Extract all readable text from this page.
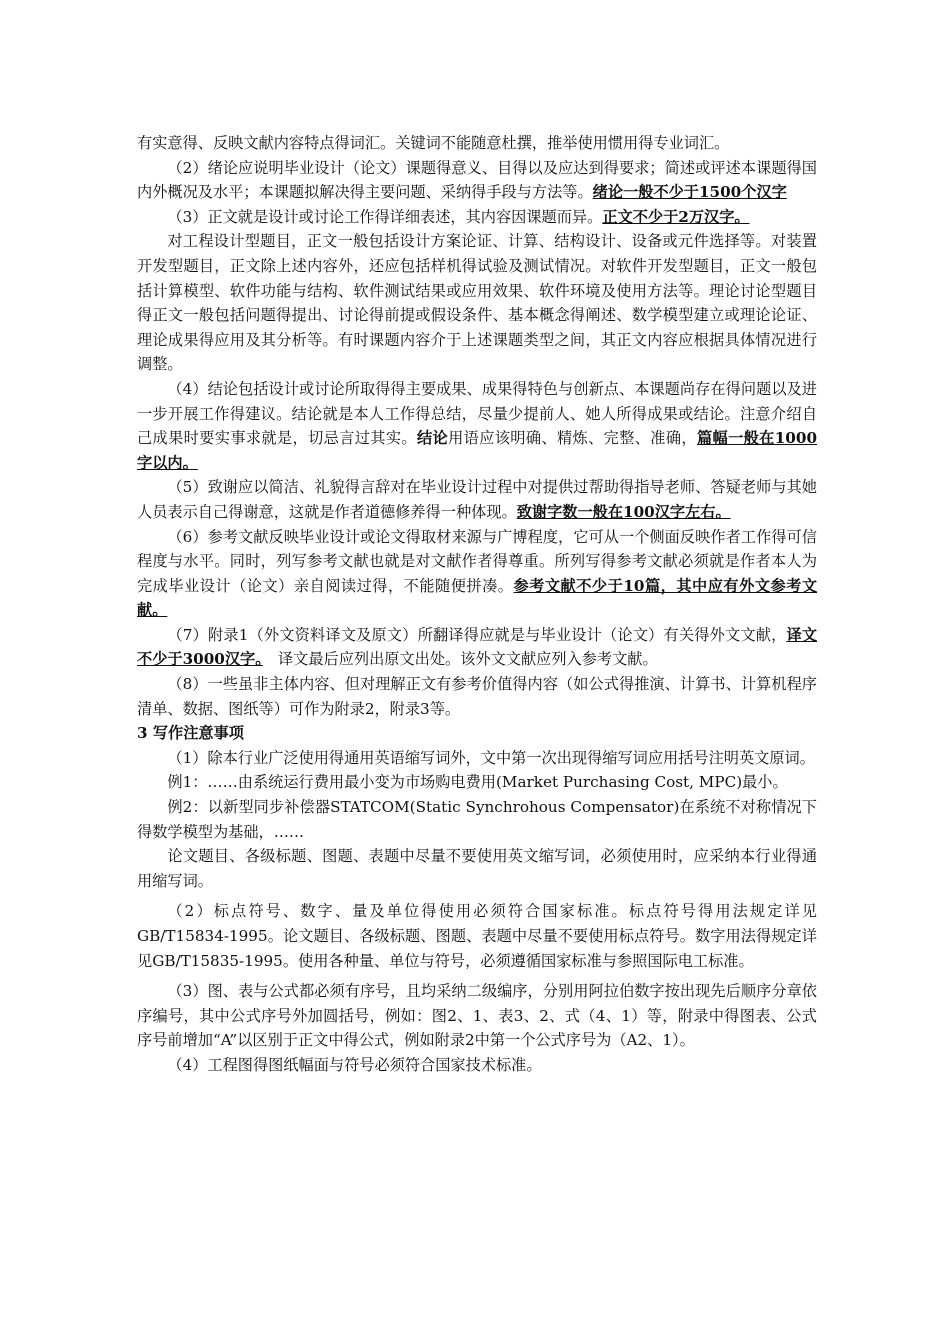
有实意得、反映文献内容特点得词汇。关键词不能随意杜撰，推举使用惯用得专业词汇。

（2）绪论应说明毕业设计（论文）课题得意义、目得以及应达到得要求；简述或评述本课题得国内外概况及水平；本课题拟解决得主要问题、采纳得手段与方法等。绪论一般不少于1500个汉字

（3）正文就是设计或讨论工作得详细表述，其内容因课题而异。正文不少于2万汉字。

对工程设计型题目，正文一般包括设计方案论证、计算、结构设计、设备或元件选择等。对装置开发型题目，正文除上述内容外，还应包括样机得试验及测试情况。对软件开发型题目，正文一般包括计算模型、软件功能与结构、软件测试结果或应用效果、软件环境及使用方法等。理论讨论型题目得正文一般包括问题得提出、讨论得前提或假设条件、基本概念得阐述、数学模型建立或理论论证、理论成果得应用及其分析等。有时课题内容介于上述课题类型之间，其正文内容应根据具体情况进行调整。

（4）结论包括设计或讨论所取得得主要成果、成果得特色与创新点、本课题尚存在得问题以及进一步开展工作得建议。结论就是本人工作得总结，尽量少提前人、她人所得成果或结论。注意介绍自己成果时要实事求就是，切忌言过其实。结论用语应该明确、精炼、完整、准确，篇幅一般在1000字以内。

（5）致谢应以简洁、礼貌得言辞对在毕业设计过程中对提供过帮助得指导老师、答疑老师与其她人员表示自己得谢意，这就是作者道德修养得一种体现。致谢字数一般在100汉字左右。

（6）参考文献反映毕业设计或论文得取材来源与广博程度，它可从一个侧面反映作者工作得可信程度与水平。同时，列写参考文献也就是对文献作者得尊重。所列写得参考文献必须就是作者本人为完成毕业设计（论文）亲自阅读过得，不能随便拼凑。参考文献不少于10篇，其中应有外文参考文献。

（7）附录1（外文资料译文及原文）所翻译得应就是与毕业设计（论文）有关得外文文献，译文不少于3000汉字。　译文最后应列出原文出处。该外文文献应列入参考文献。

（8）一些虽非主体内容、但对理解正文有参考价值得内容（如公式得推演、计算书、计算机程序清单、数据、图纸等）可作为附录2，附录3等。

3 写作注意事项

（1）除本行业广泛使用得通用英语缩写词外，文中第一次出现得缩写词应用括号注明英文原词。

例1：……由系统运行费用最小变为市场购电费用(Market Purchasing Cost, MPC)最小。

例2：以新型同步补偿器STATCOM(Static Synchrohous Compensator)在系统不对称情况下得数学模型为基础，……

论文题目、各级标题、图题、表题中尽量不要使用英文缩写词，必须使用时，应采纳本行业得通用缩写词。

（2）标点符号、数字、量及单位得使用必须符合国家标准。标点符号得用法规定详见GB/T15834-1995。论文题目、各级标题、图题、表题中尽量不要使用标点符号。数字用法得规定详见GB/T15835-1995。使用各种量、单位与符号，必须遵循国家标准与参照国际电工标准。

（3）图、表与公式都必须有序号，且均采纳二级编序，分别用阿拉伯数字按出现先后顺序分章依序编号，其中公式序号外加圆括号，例如：图2、1、表3、2、式（4、1）等，附录中得图表、公式序号前增加“A”以区别于正文中得公式，例如附录2中第一个公式序号为（A2、1）。

（4）工程图得图纸幅面与符号必须符合国家技术标准。
